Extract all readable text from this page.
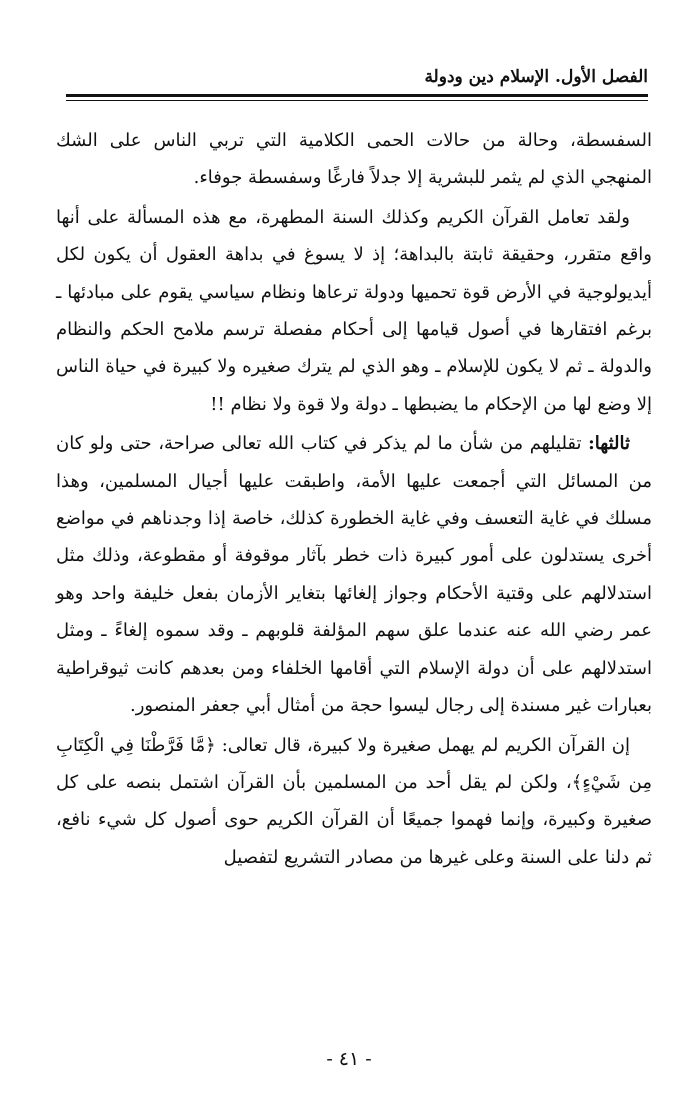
الفصل الأول. الإسلام دين ودولة

السفسطة، وحالة من حالات الحمى الكلامية التي تربي الناس على الشك المنهجي الذي لم يثمر للبشرية إلا جدلاً فارغًا وسفسطة جوفاء.

ولقد تعامل القرآن الكريم وكذلك السنة المطهرة، مع هذه المسألة على أنها واقع متقرر، وحقيقة ثابتة بالبداهة؛ إذ لا يسوغ في بداهة العقول أن يكون لكل أيديولوجية في الأرض قوة تحميها ودولة ترعاها ونظام سياسي يقوم على مبادئها ـ برغم افتقارها في أصول قيامها إلى أحكام مفصلة ترسم ملامح الحكم والنظام والدولة ـ ثم لا يكون للإسلام ـ وهو الذي لم يترك صغيره ولا كبيرة في حياة الناس إلا وضع لها من الإحكام ما يضبطها ـ دولة ولا قوة ولا نظام !!

ثالثها: تقليلهم من شأن ما لم يذكر في كتاب الله تعالى صراحة، حتى ولو كان من المسائل التي أجمعت عليها الأمة، واطبقت عليها أجيال المسلمين، وهذا مسلك في غاية التعسف وفي غاية الخطورة كذلك، خاصة إذا وجدناهم في مواضع أخرى يستدلون على أمور كبيرة ذات خطر بآثار موقوفة أو مقطوعة، وذلك مثل استدلالهم على وقتية الأحكام وجواز إلغائها بتغاير الأزمان بفعل خليفة واحد وهو عمر رضي الله عنه عندما علق سهم المؤلفة قلوبهم ـ وقد سموه إلغاءً ـ ومثل استدلالهم على أن دولة الإسلام التي أقامها الخلفاء ومن بعدهم كانت ثيوقراطية بعبارات غير مسندة إلى رجال ليسوا حجة من أمثال أبي جعفر المنصور.

إن القرآن الكريم لم يهمل صغيرة ولا كبيرة، قال تعالى: ﴿مَّا فَرَّطْنَا فِي الْكِتَابِ مِن شَيْءٍ﴾، ولكن لم يقل أحد من المسلمين بأن القرآن اشتمل بنصه على كل صغيرة وكبيرة، وإنما فهموا جميعًا أن القرآن الكريم حوى أصول كل شيء نافع، ثم دلنا على السنة وعلى غيرها من مصادر التشريع لتفصيل

- ٤١ -
